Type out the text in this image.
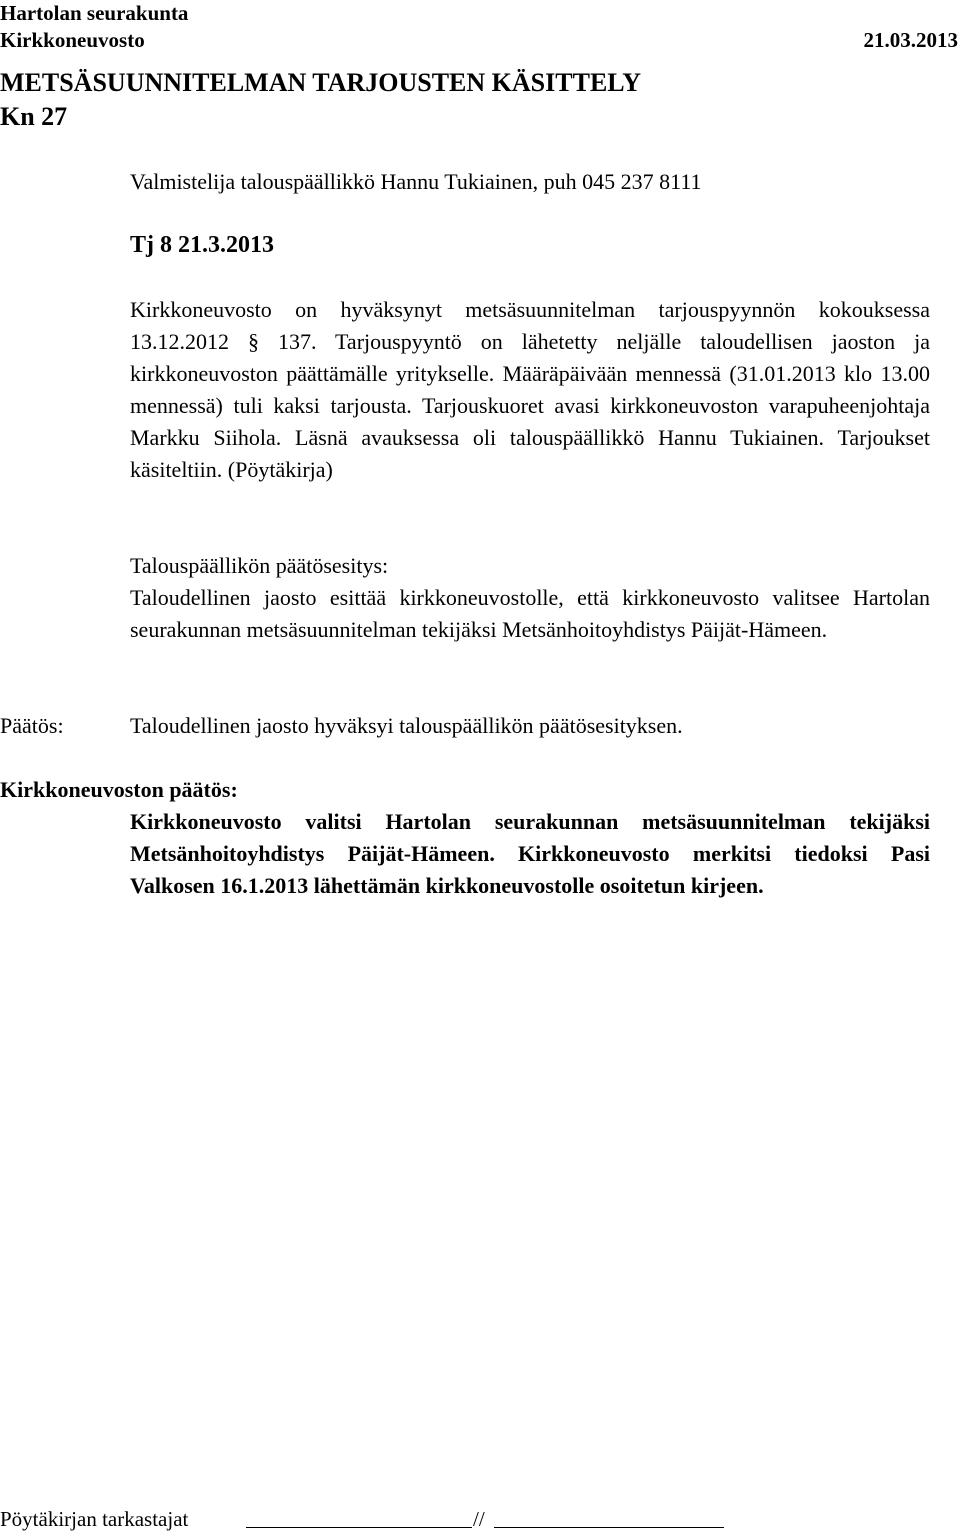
Hartolan seurakunta
Kirkkoneuvosto	21.03.2013
METSÄSUUNNITELMAN TARJOUSTEN KÄSITTELY
Kn 27
Valmistelija talouspäällikkö Hannu Tukiainen, puh 045 237 8111
Tj 8 21.3.2013

Kirkkoneuvosto on hyväksynyt metsäsuunnitelman tarjouspyynnön kokouksessa 13.12.2012 § 137. Tarjouspyyntö on lähetetty neljälle taloudellisen jaoston ja kirkkoneuvoston päättämälle yritykselle. Määräpäivään mennessä (31.01.2013 klo 13.00 mennessä) tuli kaksi tarjousta. Tarjouskuoret avasi kirkkoneuvoston varapuheenjohtaja Markku Siihola. Läsnä avauksessa oli talouspäällikkö Hannu Tukiainen. Tarjoukset käsiteltiin. (Pöytäkirja)

Talouspäällikön päätösesitys:

Taloudellinen jaosto esittää kirkkoneuvostolle, että kirkkoneuvosto valitsee Hartolan seurakunnan metsäsuunnitelman tekijäksi Metsänhoitoyhdistys Päijät-Hämeen.

Päätös:	Taloudellinen jaosto hyväksyi talouspäällikön päätösesityksen.
Kirkkoneuvoston päätös:

Kirkkoneuvosto valitsi Hartolan seurakunnan metsäsuunnitelman tekijäksi Metsänhoitoyhdistys Päijät-Hämeen. Kirkkoneuvosto merkitsi tiedoksi Pasi Valkosen 16.1.2013 lähettämän kirkkoneuvostolle osoitetun kirjeen.

Pöytäkirjan tarkastajat	//
